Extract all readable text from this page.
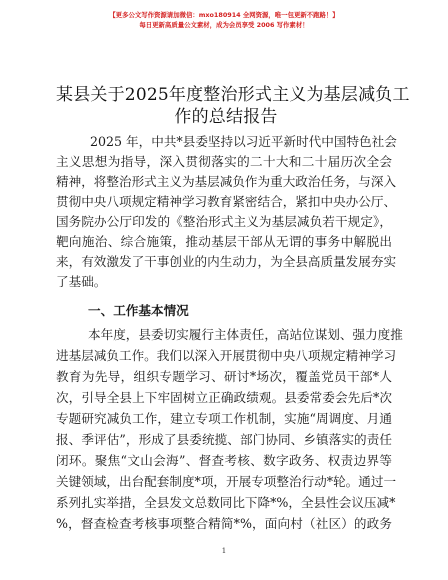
【更多公文写作资源请加微信：mxo180914 全网资源，唯一包更新不跑路！】
每日更新高质量公文素材，成为会员享受 2006 写作素材！
某县关于2025年度整治形式主义为基层减负工
作的总结报告
2025 年，中共*县委坚持以习近平新时代中国特色社会
主义思想为指导，深入贯彻落实的二十大和二十届历次全会
精神，将整治形式主义为基层减负作为重大政治任务，与深入
贯彻中央八项规定精神学习教育紧密结合，紧扣中央办公厅、
国务院办公厅印发的《整治形式主义为基层减负若干规定》，
靶向施治、综合施策，推动基层干部从无谓的事务中解脱出
来，有效激发了干事创业的内生动力，为全县高质量发展夯实
了基础。
一、工作基本情况
本年度，县委切实履行主体责任，高站位谋划、强力度推
进基层减负工作。我们以深入开展贯彻中央八项规定精神学习
教育为先导，组织专题学习、研讨*场次，覆盖党员干部*人
次，引导全县上下牢固树立正确政绩观。县委常委会先后*次
专题研究减负工作，建立专项工作机制，实施“周调度、月通
报、季评估”，形成了县委统揽、部门协同、乡镇落实的责任
闭环。聚焦“文山会海”、督查考核、数字政务、权责边界等
关键领域，出台配套制度*项，开展专项整治行动*轮。通过一
系列扎实举措，全县发文总数同比下降*%，全县性会议压减*
%，督查检查考核事项整合精简*%，面向村（社区）的政务
1
